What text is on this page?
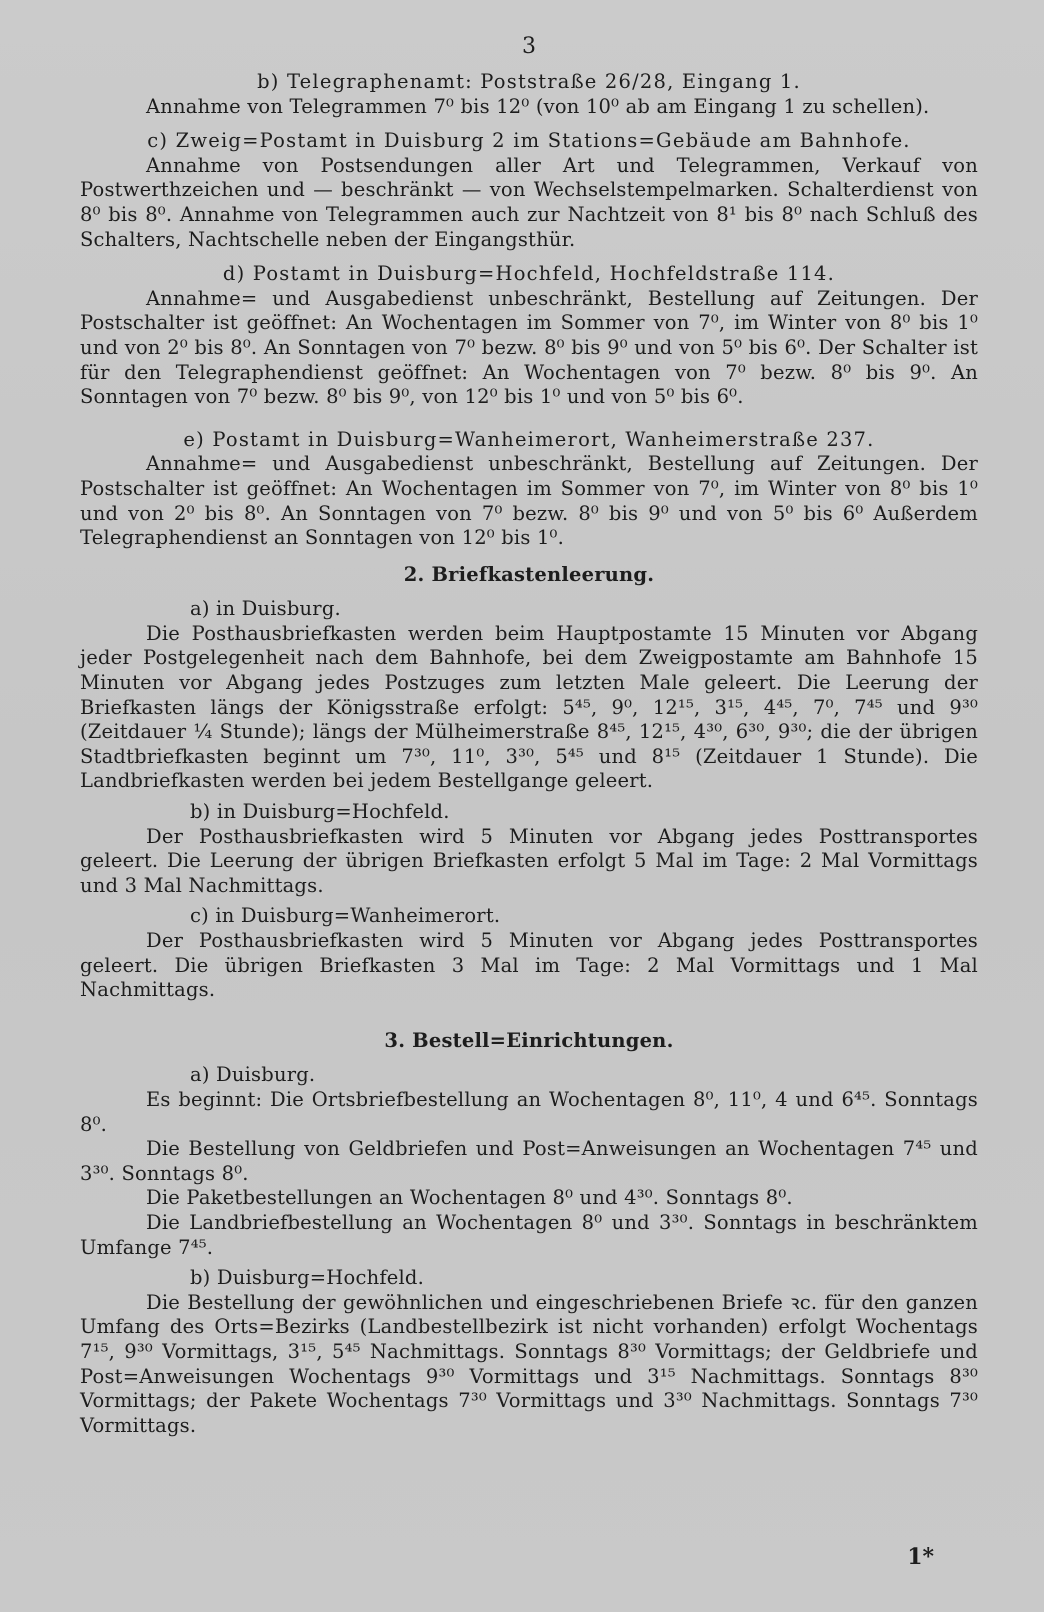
3

b) Telegraphenamt: Poststraße 26/28, Eingang 1.

Annahme von Telegrammen 7⁰ bis 12⁰ (von 10⁰ ab am Eingang 1 zu schellen).

c) Zweig=Postamt in Duisburg 2 im Stations=Gebäude am Bahnhofe.

Annahme von Postsendungen aller Art und Telegrammen, Verkauf von Postwerthzeichen und — beschränkt — von Wechselstempelmarken. Schalterdienst von 8⁰ bis 8⁰. Annahme von Telegrammen auch zur Nachtzeit von 8¹ bis 8⁰ nach Schluß des Schalters, Nachtschelle neben der Eingangsthür.

d) Postamt in Duisburg=Hochfeld, Hochfeldstraße 114.

Annahme= und Ausgabedienst unbeschränkt, Bestellung auf Zeitungen. Der Postschalter ist geöffnet: An Wochentagen im Sommer von 7⁰, im Winter von 8⁰ bis 1⁰ und von 2⁰ bis 8⁰. An Sonntagen von 7⁰ bezw. 8⁰ bis 9⁰ und von 5⁰ bis 6⁰. Der Schalter ist für den Telegraphendienst geöffnet: An Wochentagen von 7⁰ bezw. 8⁰ bis 9⁰. An Sonntagen von 7⁰ bezw. 8⁰ bis 9⁰, von 12⁰ bis 1⁰ und von 5⁰ bis 6⁰.

e) Postamt in Duisburg=Wanheimerort, Wanheimerstraße 237.

Annahme= und Ausgabedienst unbeschränkt, Bestellung auf Zeitungen. Der Postschalter ist geöffnet: An Wochentagen im Sommer von 7⁰, im Winter von 8⁰ bis 1⁰ und von 2⁰ bis 8⁰. An Sonntagen von 7⁰ bezw. 8⁰ bis 9⁰ und von 5⁰ bis 6⁰ Außerdem Telegraphendienst an Sonntagen von 12⁰ bis 1⁰.

2. Briefkastenleerung.

a) in Duisburg.

Die Posthausbriefkasten werden beim Hauptpostamte 15 Minuten vor Abgang jeder Postgelegenheit nach dem Bahnhofe, bei dem Zweigpostamte am Bahnhofe 15 Minuten vor Abgang jedes Postzuges zum letzten Male geleert. Die Leerung der Briefkasten längs der Königsstraße erfolgt: 5⁴⁵, 9⁰, 12¹⁵, 3¹⁵, 4⁴⁵, 7⁰, 7⁴⁵ und 9³⁰ (Zeitdauer ¼ Stunde); längs der Mülheimerstraße 8⁴⁵, 12¹⁵, 4³⁰, 6³⁰, 9³⁰; die der übrigen Stadtbriefkasten beginnt um 7³⁰, 11⁰, 3³⁰, 5⁴⁵ und 8¹⁵ (Zeitdauer 1 Stunde). Die Landbriefkasten werden bei jedem Bestellgange geleert.

b) in Duisburg=Hochfeld.

Der Posthausbriefkasten wird 5 Minuten vor Abgang jedes Posttransportes geleert. Die Leerung der übrigen Briefkasten erfolgt 5 Mal im Tage: 2 Mal Vormittags und 3 Mal Nachmittags.

c) in Duisburg=Wanheimerort.

Der Posthausbriefkasten wird 5 Minuten vor Abgang jedes Posttransportes geleert. Die übrigen Briefkasten 3 Mal im Tage: 2 Mal Vormittags und 1 Mal Nachmittags.

3. Bestell=Einrichtungen.

a) Duisburg.

Es beginnt: Die Ortsbriefbestellung an Wochentagen 8⁰, 11⁰, 4 und 6⁴⁵. Sonntags 8⁰.

Die Bestellung von Geldbriefen und Post=Anweisungen an Wochentagen 7⁴⁵ und 3³⁰. Sonntags 8⁰.

Die Paketbestellungen an Wochentagen 8⁰ und 4³⁰. Sonntags 8⁰.

Die Landbriefbestellung an Wochentagen 8⁰ und 3³⁰. Sonntags in beschränktem Umfange 7⁴⁵.

b) Duisburg=Hochfeld.

Die Bestellung der gewöhnlichen und eingeschriebenen Briefe ꝛc. für den ganzen Umfang des Orts=Bezirks (Landbestellbezirk ist nicht vorhanden) erfolgt Wochentags 7¹⁵, 9³⁰ Vormittags, 3¹⁵, 5⁴⁵ Nachmittags. Sonntags 8³⁰ Vormittags; der Geldbriefe und Post=Anweisungen Wochentags 9³⁰ Vormittags und 3¹⁵ Nachmittags. Sonntags 8³⁰ Vormittags; der Pakete Wochentags 7³⁰ Vormittags und 3³⁰ Nachmittags. Sonntags 7³⁰ Vormittags.

1*
